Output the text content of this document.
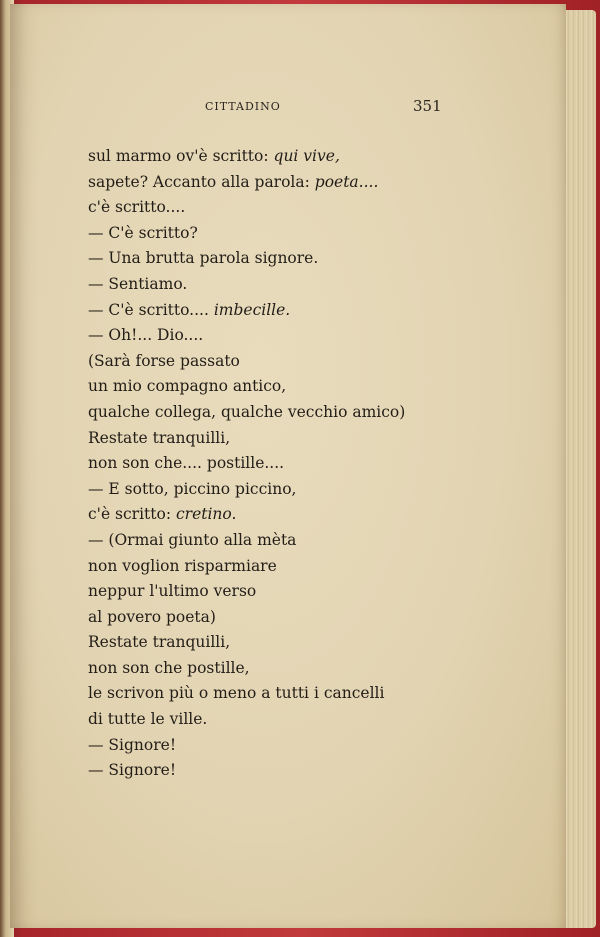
CITTADINO	351
sul marmo ov'è scritto: qui vive,
sapete? Accanto alla parola: poeta....
c'è scritto....
— C'è scritto?
— Una brutta parola signore.
— Sentiamo.
— C'è scritto.... imbecille.
— Oh!... Dio....
(Sarà forse passato
un mio compagno antico,
qualche collega, qualche vecchio amico)
Restate tranquilli,
non son che.... postille....
— E sotto, piccino piccino,
c'è scritto: cretino.
— (Ormai giunto alla mèta
non voglion risparmiare
neppur l'ultimo verso
al povero poeta)
Restate tranquilli,
non son che postille,
le scrivon più o meno a tutti i cancelli
di tutte le ville.
— Signore!
— Signore!
